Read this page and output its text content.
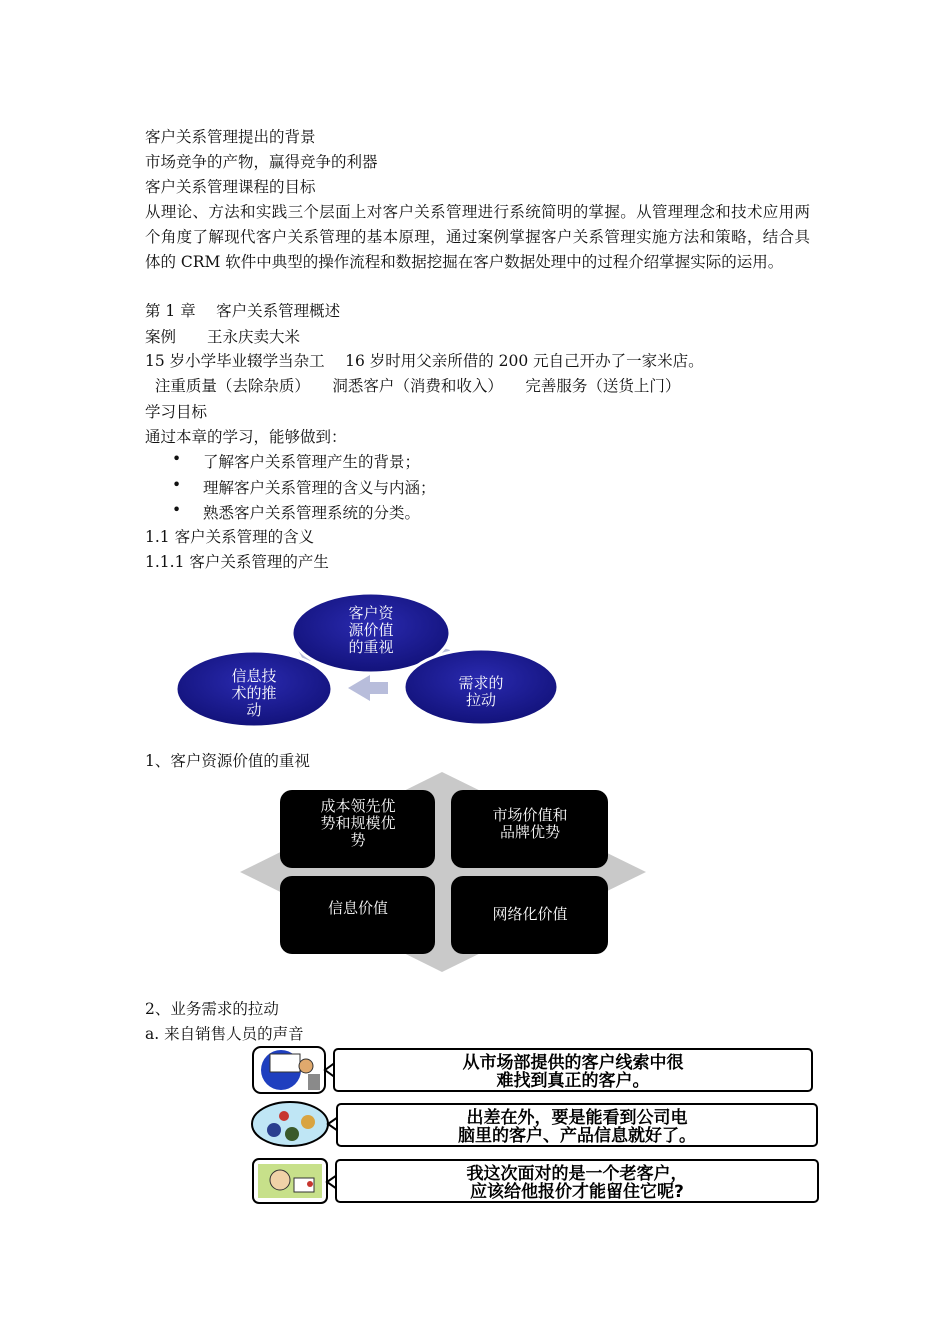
客户关系管理提出的背景
市场竞争的产物，赢得竞争的利器
客户关系管理课程的目标
从理论、方法和实践三个层面上对客户关系管理进行系统简明的掌握。从管理理念和技术应用两个角度了解现代客户关系管理的基本原理，通过案例掌握客户关系管理实施方法和策略，结合具体的 CRM 软件中典型的操作流程和数据挖掘在客户数据处理中的过程介绍掌握实际的运用。
第 1 章　 客户关系管理概述
案例　　王永庆卖大米
15 岁小学毕业辍学当杂工　 16 岁时用父亲所借的 200 元自己开办了一家米店。
注重质量（去除杂质）　   洞悉客户（消费和收入）　   完善服务（送货上门）
学习目标
通过本章的学习，能够做到：
• 了解客户关系管理产生的背景；
• 理解客户关系管理的含义与内涵；
• 熟悉客户关系管理系统的分类。
1.1 客户关系管理的含义
1.1.1 客户关系管理的产生
客户资
源价值
的重视
需求的
拉动
信息技
术的推
动
1、客户资源价值的重视
成本领先优
势和规模优
势
市场价值和
品牌优势
信息价值	网络化价值
2、业务需求的拉动
a. 来自销售人员的声音
从市场部提供的客户线索中很
难找到真正的客户。
出差在外，要是能看到公司电
脑里的客户、产品信息就好了。
我这次面对的是一个老客户，
应该给他报价才能留住它呢?
